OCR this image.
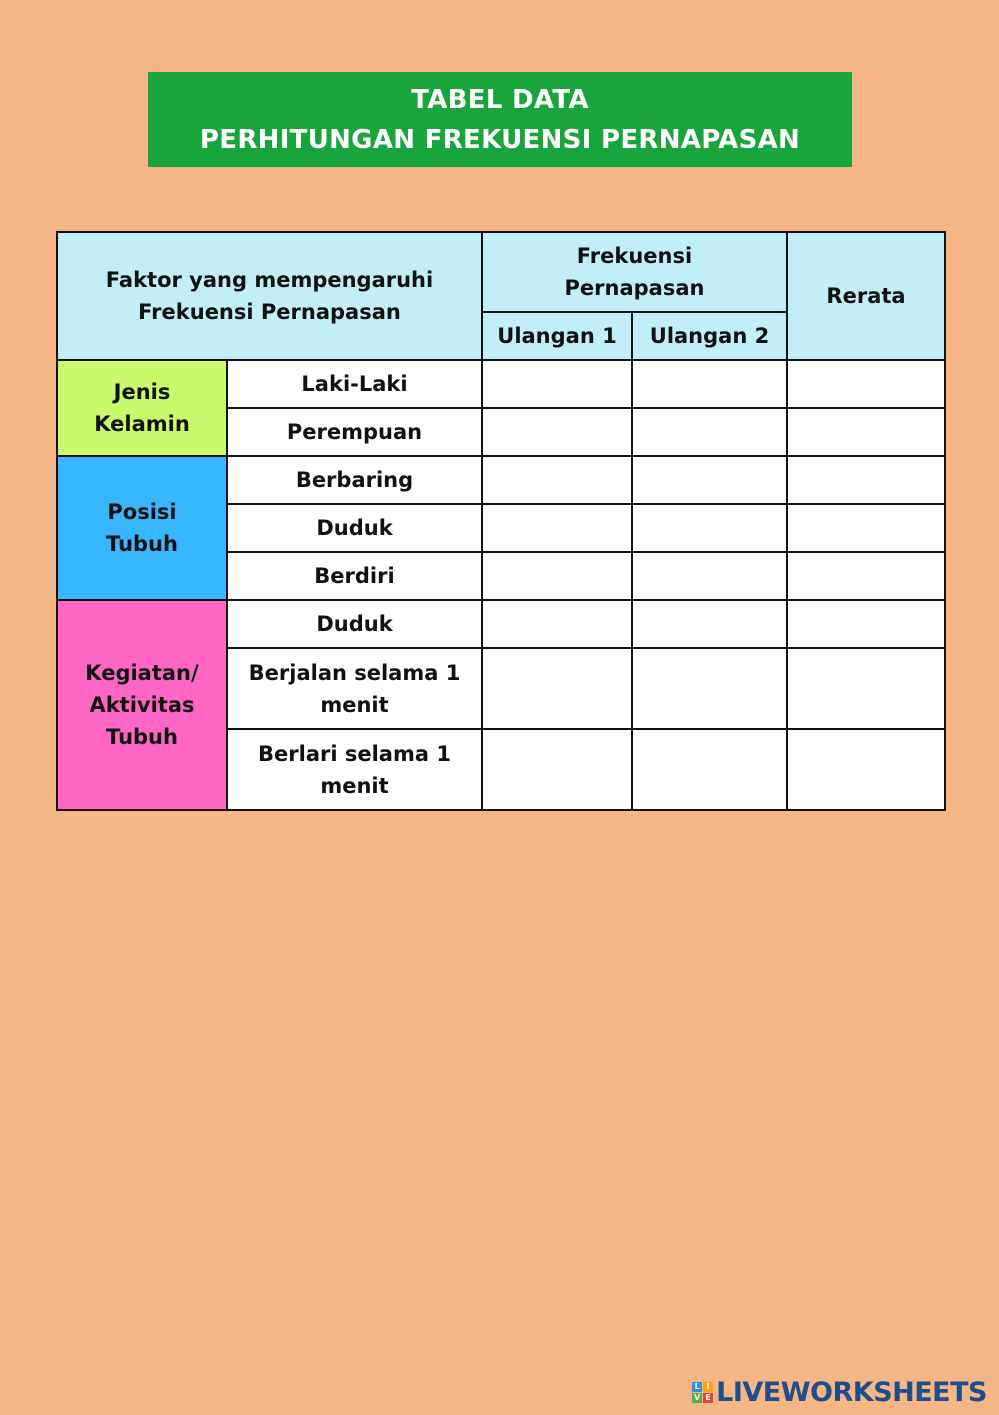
TABEL DATA
PERHITUNGAN FREKUENSI PERNAPASAN
Faktor yang mempengaruhi Frekuensi Pernapasan		Frekuensi Pernapasan		Rerata
		Ulangan 1	Ulangan 2	
Jenis Kelamin	Laki-Laki			
	Perempuan			
Posisi Tubuh	Berbaring			
	Duduk			
	Berdiri			
Kegiatan/ Aktivitas Tubuh	Duduk			
	Berjalan selama 1 menit			
	Berlari selama 1 menit			
L I
V E LIVEWORKSHEETS
